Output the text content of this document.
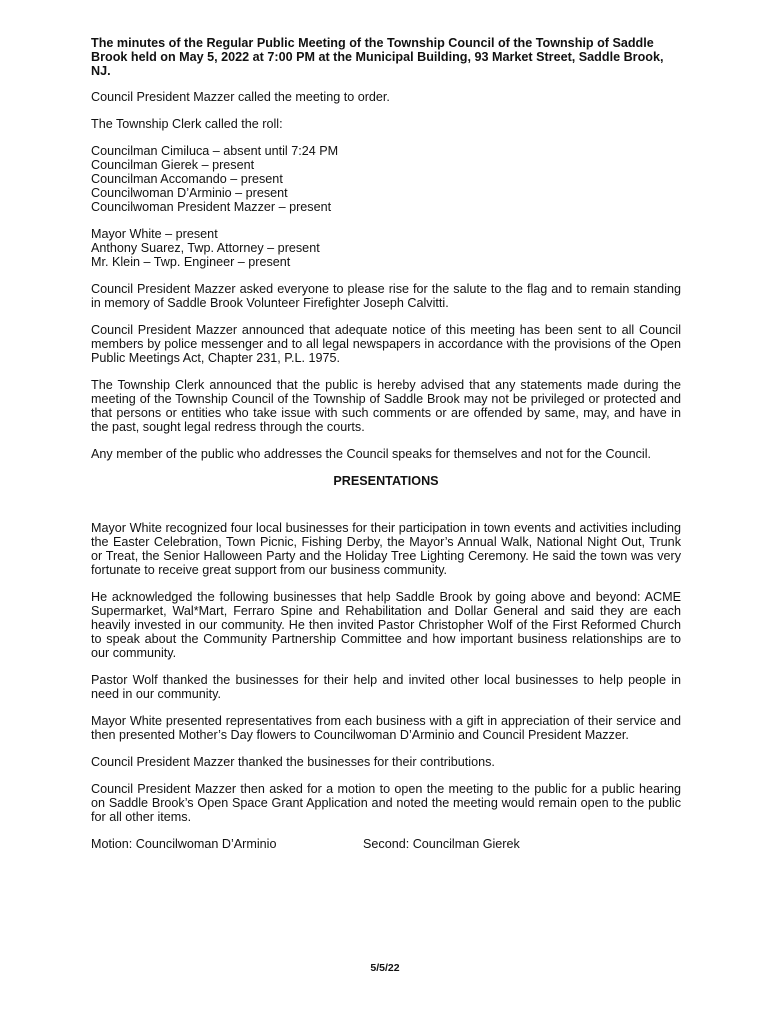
The minutes of the Regular Public Meeting of the Township Council of the Township of Saddle Brook held on May 5, 2022 at 7:00 PM at the Municipal Building, 93 Market Street, Saddle Brook, NJ.

Council President Mazzer called the meeting to order.

The Township Clerk called the roll:

Councilman Cimiluca – absent until 7:24 PM
Councilman Gierek – present
Councilman Accomando – present
Councilwoman D’Arminio – present
Councilwoman President Mazzer – present
Mayor White – present
Anthony Suarez, Twp. Attorney – present
Mr. Klein – Twp. Engineer – present

Council President Mazzer asked everyone to please rise for the salute to the flag and to remain standing in memory of Saddle Brook Volunteer Firefighter Joseph Calvitti.

Council President Mazzer announced that adequate notice of this meeting has been sent to all Council members by police messenger and to all legal newspapers in accordance with the provisions of the Open Public Meetings Act, Chapter 231, P.L. 1975.

The Township Clerk announced that the public is hereby advised that any statements made during the meeting of the Township Council of the Township of Saddle Brook may not be privileged or protected and that persons or entities who take issue with such comments or are offended by same, may, and have in the past, sought legal redress through the courts.

Any member of the public who addresses the Council speaks for themselves and not for the Council.

PRESENTATIONS

Mayor White recognized four local businesses for their participation in town events and activities including the Easter Celebration, Town Picnic, Fishing Derby, the Mayor’s Annual Walk, National Night Out, Trunk or Treat, the Senior Halloween Party and the Holiday Tree Lighting Ceremony. He said the town was very fortunate to receive great support from our business community.

He acknowledged the following businesses that help Saddle Brook by going above and beyond: ACME Supermarket, Wal*Mart, Ferraro Spine and Rehabilitation and Dollar General and said they are each heavily invested in our community. He then invited Pastor Christopher Wolf of the First Reformed Church to speak about the Community Partnership Committee and how important business relationships are to our community.

Pastor Wolf thanked the businesses for their help and invited other local businesses to help people in need in our community.

Mayor White presented representatives from each business with a gift in appreciation of their service and then presented Mother’s Day flowers to Councilwoman D’Arminio and Council President Mazzer.

Council President Mazzer thanked the businesses for their contributions.

Council President Mazzer then asked for a motion to open the meeting to the public for a public hearing on Saddle Brook’s Open Space Grant Application and noted the meeting would remain open to the public for all other items.

Motion: Councilwoman D’Arminio	Second: Councilman Gierek
5/5/22
